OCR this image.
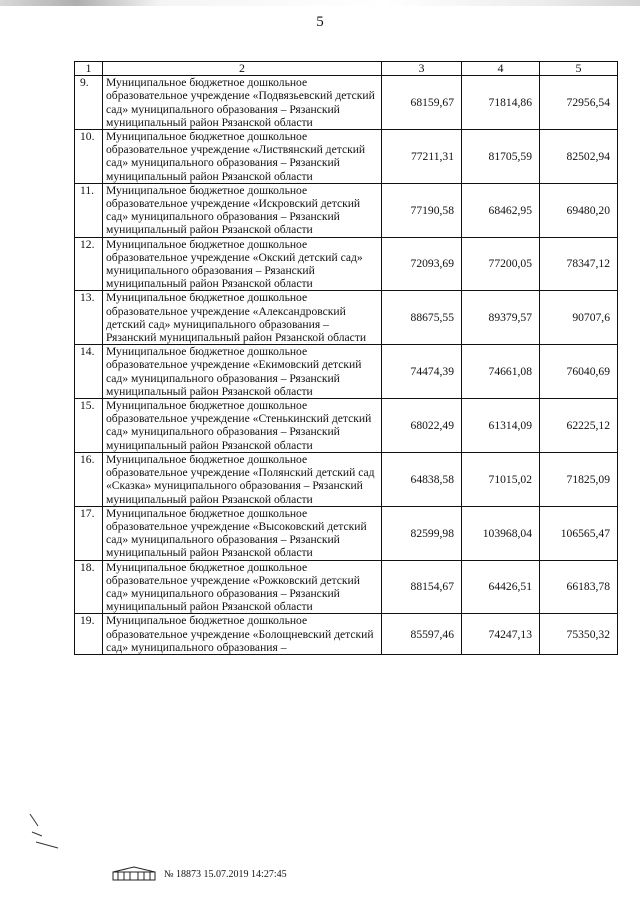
5
1	2	3	4	5
9.	Муниципальное бюджетное дошкольное образовательное учреждение «Подвязьевский детский сад» муниципального образования – Рязанский муниципальный район Рязанской области	68159,67	71814,86	72956,54
10.	Муниципальное бюджетное дошкольное образовательное учреждение «Листвянский детский сад» муниципального образования – Рязанский муниципальный район Рязанской области	77211,31	81705,59	82502,94
11.	Муниципальное бюджетное дошкольное образовательное учреждение «Искровский детский сад» муниципального образования – Рязанский муниципальный район Рязанской области	77190,58	68462,95	69480,20
12.	Муниципальное бюджетное дошкольное образовательное учреждение «Окский детский сад» муниципального образования – Рязанский муниципальный район Рязанской области	72093,69	77200,05	78347,12
13.	Муниципальное бюджетное дошкольное образовательное учреждение «Александровский детский сад» муниципального образования – Рязанский муниципальный район Рязанской области	88675,55	89379,57	90707,6
14.	Муниципальное бюджетное дошкольное образовательное учреждение «Екимовский детский сад» муниципального образования – Рязанский муниципальный район Рязанской области	74474,39	74661,08	76040,69
15.	Муниципальное бюджетное дошкольное образовательное учреждение «Стенькинский детский сад» муниципального образования – Рязанский муниципальный район Рязанской области	68022,49	61314,09	62225,12
16.	Муниципальное бюджетное дошкольное образовательное учреждение «Полянский детский сад «Сказка» муниципального образования – Рязанский муниципальный район Рязанской области	64838,58	71015,02	71825,09
17.	Муниципальное бюджетное дошкольное образовательное учреждение «Высоковский детский сад» муниципального образования – Рязанский муниципальный район Рязанской области	82599,98	103968,04	106565,47
18.	Муниципальное бюджетное дошкольное образовательное учреждение «Рожковский детский сад» муниципального образования – Рязанский муниципальный район Рязанской области	88154,67	64426,51	66183,78
19.	Муниципальное бюджетное дошкольное образовательное учреждение «Болощневский детский сад» муниципального образования –	85597,46	74247,13	75350,32
№ 18873 15.07.2019 14:27:45
